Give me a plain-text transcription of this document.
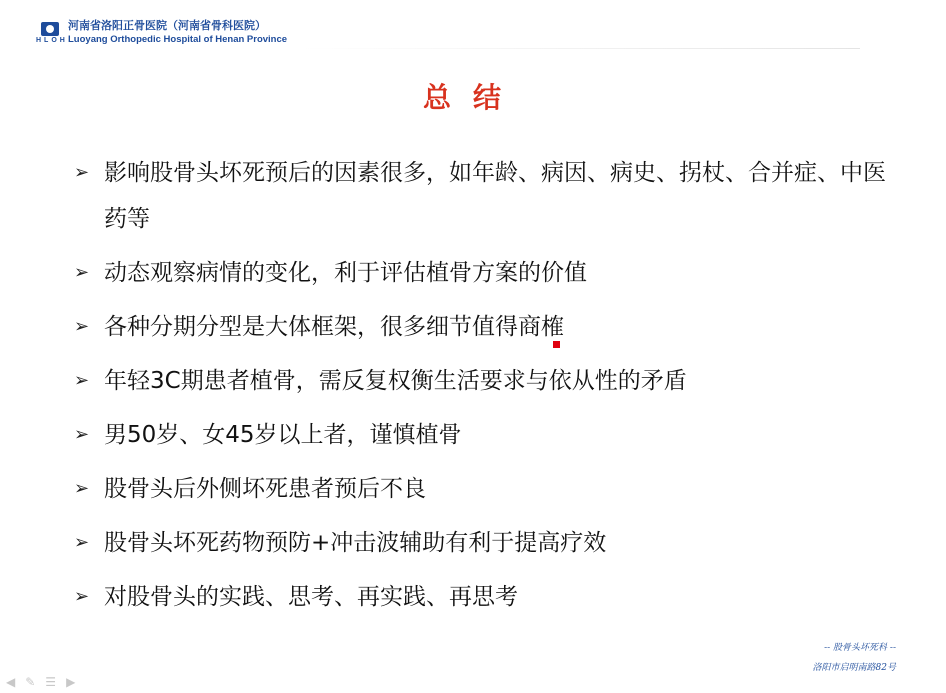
HLOH
河南省洛阳正骨医院（河南省骨科医院）
Luoyang Orthopedic Hospital of Henan Province
总结
➢ 影响股骨头坏死预后的因素很多，如年龄、病因、病史、拐杖、合并症、中医药等
➢ 动态观察病情的变化，利于评估植骨方案的价值
➢ 各种分期分型是大体框架，很多细节值得商榷
➢ 年轻3C期患者植骨，需反复权衡生活要求与依从性的矛盾
➢ 男50岁、女45岁以上者，谨慎植骨
➢ 股骨头后外侧坏死患者预后不良
➢ 股骨头坏死药物预防+冲击波辅助有利于提高疗效
➢ 对股骨头的实践、思考、再实践、再思考
-- 股骨头坏死科 --
洛阳市启明南路82号
◀ ✎ ☰ ▶
